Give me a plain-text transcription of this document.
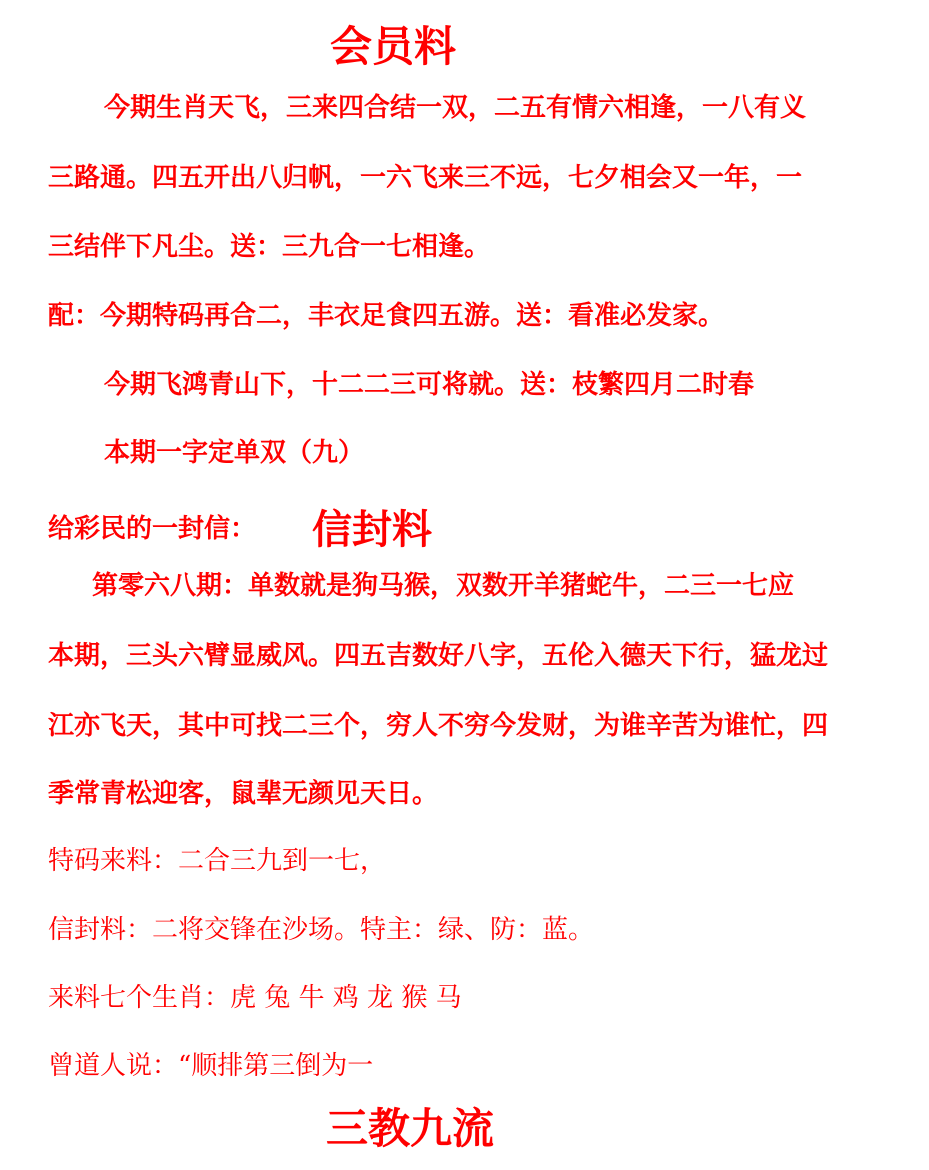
会员料

今期生肖天飞，三来四合结一双，二五有情六相逢，一八有义

三路通。四五开出八归帆，一六飞来三不远，七夕相会又一年，一

三结伴下凡尘。送：三九合一七相逢。

配：今期特码再合二，丰衣足食四五游。送：看准必发家。

今期飞鸿青山下，十二二三可将就。送：枝繁四月二时春

本期一字定单双（九）

给彩民的一封信： 信封料

第零六八期：单数就是狗马猴，双数开羊猪蛇牛，二三一七应

本期，三头六臂显威风。四五吉数好八字，五伦入德天下行，猛龙过

江亦飞天，其中可找二三个，穷人不穷今发财，为谁辛苦为谁忙，四

季常青松迎客，鼠辈无颜见天日。

特码来料：二合三九到一七，

信封料：二将交锋在沙场。特主：绿、防：蓝。

来料七个生肖：虎 兔 牛 鸡 龙 猴 马

曾道人说：“顺排第三倒为一

三教九流
